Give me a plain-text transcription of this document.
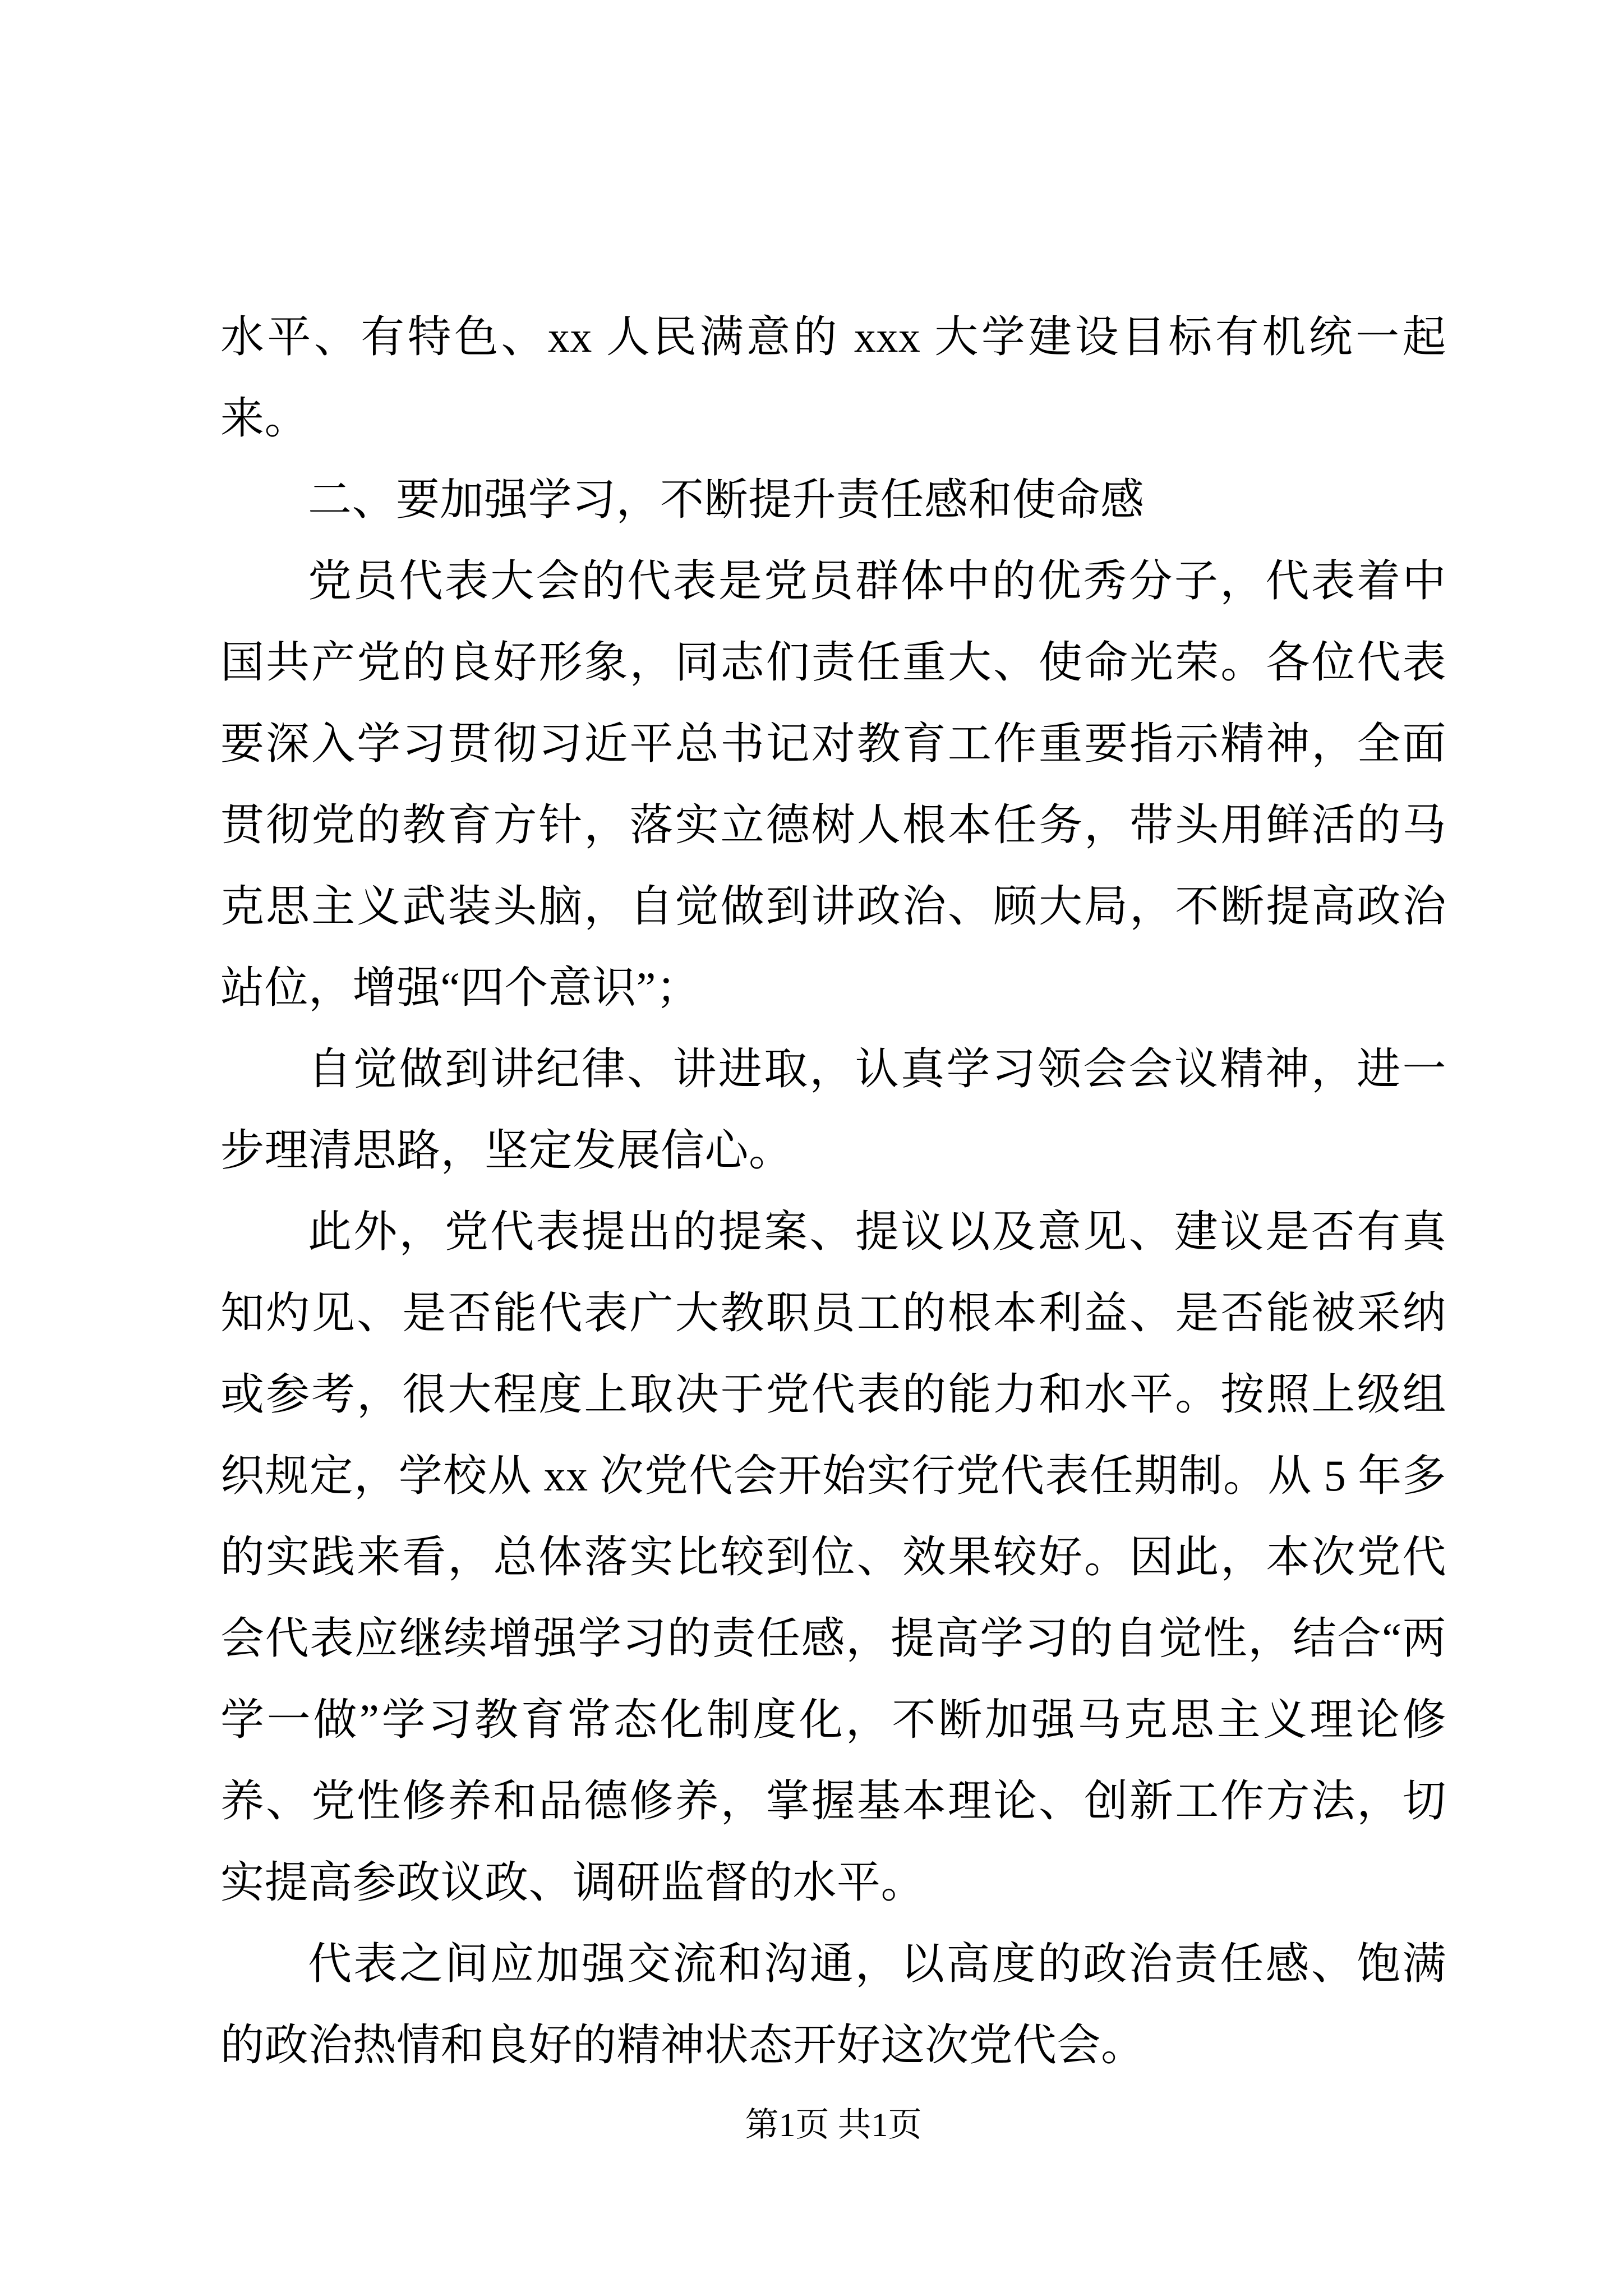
水平、有特色、xx 人民满意的 xxx 大学建设目标有机统一起来。

二、要加强学习，不断提升责任感和使命感

党员代表大会的代表是党员群体中的优秀分子，代表着中国共产党的良好形象，同志们责任重大、使命光荣。各位代表要深入学习贯彻习近平总书记对教育工作重要指示精神，全面贯彻党的教育方针，落实立德树人根本任务，带头用鲜活的马克思主义武装头脑，自觉做到讲政治、顾大局，不断提高政治站位，增强“四个意识”；

自觉做到讲纪律、讲进取，认真学习领会会议精神，进一步理清思路，坚定发展信心。

此外，党代表提出的提案、提议以及意见、建议是否有真知灼见、是否能代表广大教职员工的根本利益、是否能被采纳或参考，很大程度上取决于党代表的能力和水平。按照上级组织规定，学校从 xx 次党代会开始实行党代表任期制。从 5 年多的实践来看，总体落实比较到位、效果较好。因此，本次党代会代表应继续增强学习的责任感，提高学习的自觉性，结合“两学一做”学习教育常态化制度化，不断加强马克思主义理论修养、党性修养和品德修养，掌握基本理论、创新工作方法，切实提高参政议政、调研监督的水平。

代表之间应加强交流和沟通，以高度的政治责任感、饱满的政治热情和良好的精神状态开好这次党代会。

第1页 共1页
